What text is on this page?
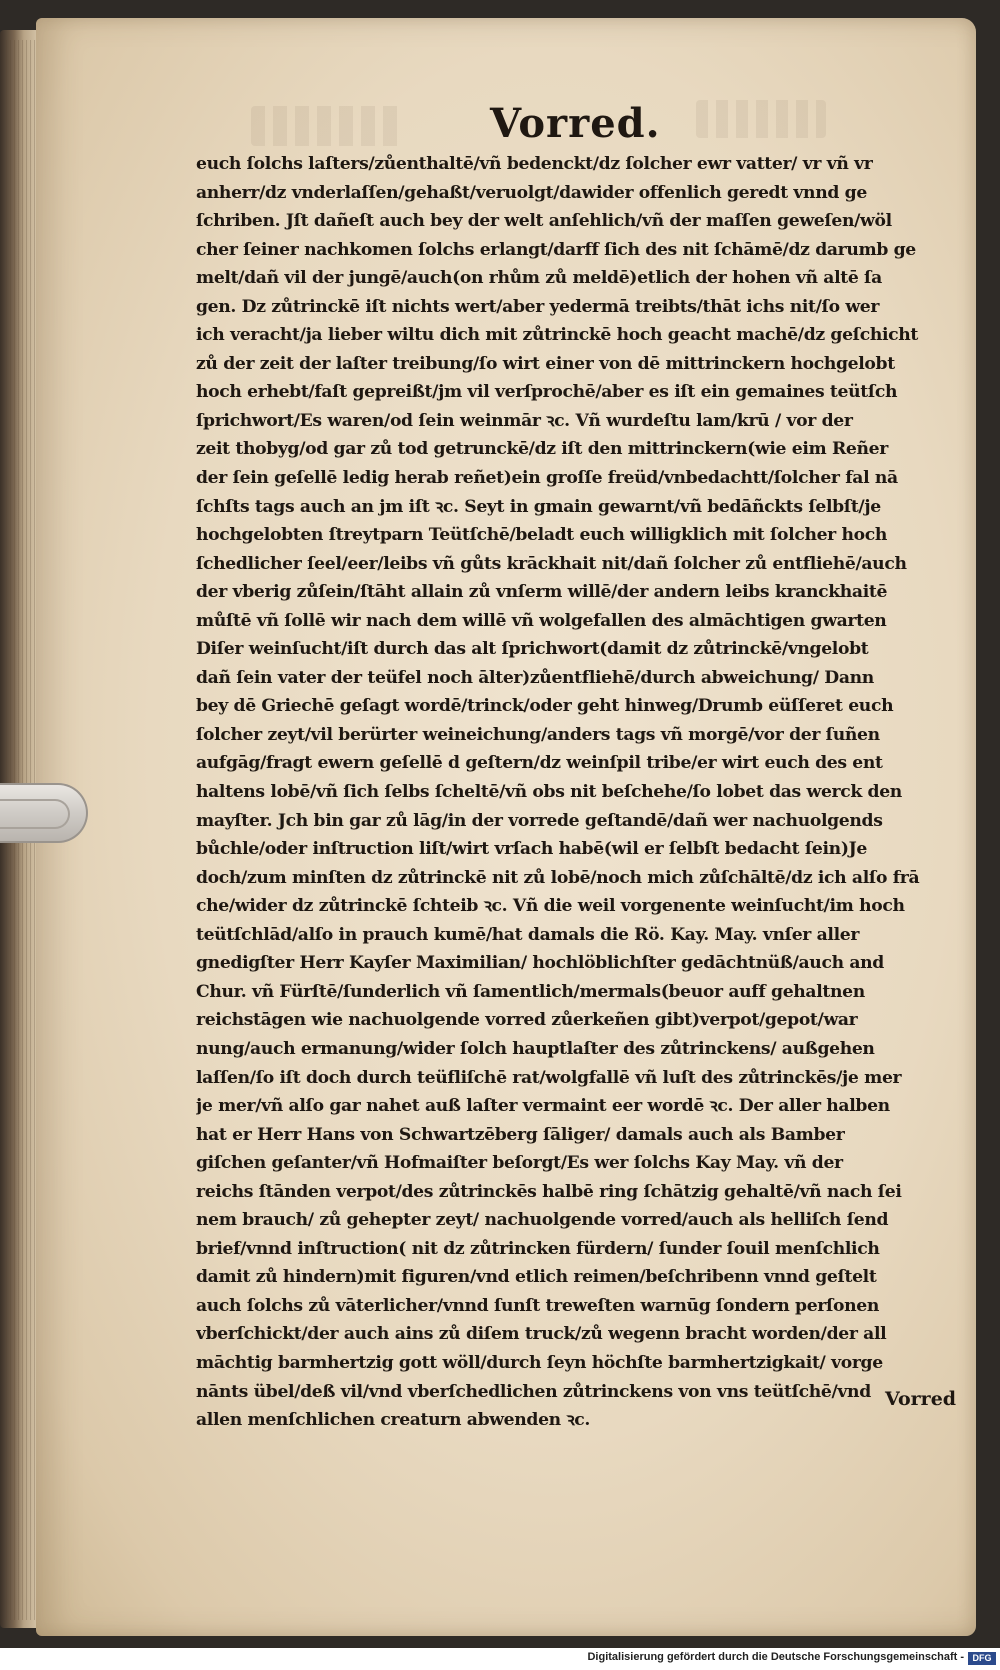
Vorred.
euch ſolchs laſters/zůenthaltē/vñ bedenckt/dz ſolcher ewr vatter/ vr vñ vr
anherr/dz vnderlaſſen/gehaßt/veruolgt/dawider offenlich geredt vnnd ge
ſchriben. Jſt dañeſt auch bey der welt anſehlich/vñ der maſſen geweſen/wöl
cher ſeiner nachkomen ſolchs erlangt/darff ſich des nit ſchāmē/dz darumb ge
melt/dañ vil der jungē/auch(on rhům zů meldē)etlich der hohen vñ altē ſa
gen. Dz zůtrinckē iſt nichts wert/aber yedermā treibts/thāt ichs nit/ſo wer
ich veracht/ja lieber wiltu dich mit zůtrinckē hoch geacht machē/dz geſchicht
zů der zeit der laſter treibung/ſo wirt einer von dē mittrinckern hochgelobt
hoch erhebt/faſt gepreißt/jm vil verſprochē/aber es iſt ein gemaines teütſch
ſprichwort/Es waren/od ſein weinmār ꝛc. Vñ wurdeſtu lam/krū / vor der
zeit thobyg/od gar zů tod getrunckē/dz iſt den mittrinckern(wie eim Reñer
der ſein geſellē ledig herab reñet)ein groſſe freüd/vnbedachtt/ſolcher fal nā
ſchſts tags auch an jm iſt ꝛc. Seyt in gmain gewarnt/vñ bedāñckts ſelbſt/je
hochgelobten ſtreytparn Teütſchē/beladt euch willigklich mit ſolcher hoch
ſchedlicher ſeel/eer/leibs vñ gůts krāckhait nit/dañ ſolcher zů entfliehē/auch
der vberig zůſein/ſtāht allain zů vnſerm willē/der andern leibs kranckhaitē
můſtē vñ ſollē wir nach dem willē vñ wolgefallen des almāchtigen gwarten
Diſer weinſucht/iſt durch das alt ſprichwort(damit dz zůtrinckē/vngelobt
dañ ſein vater der teüfel noch ālter)zůentfliehē/durch abweichung/ Dann
bey dē Griechē geſagt wordē/trinck/oder geht hinweg/Drumb eüſſeret euch
ſolcher zeyt/vil berürter weineichung/anders tags vñ morgē/vor der ſuñen
aufgāg/fragt ewern geſellē d geſtern/dz weinſpil tribe/er wirt euch des ent
haltens lobē/vñ ſich ſelbs ſcheltē/vñ obs nit beſchehe/ſo lobet das werck den
mayſter. Jch bin gar zů lāg/in der vorrede geſtandē/dañ wer nachuolgends
bůchle/oder inſtruction liſt/wirt vrſach habē(wil er ſelbſt bedacht ſein)Je
doch/zum minſten dz zůtrinckē nit zů lobē/noch mich zůſchāltē/dz ich alſo frā
che/wider dz zůtrinckē ſchteib ꝛc. Vñ die weil vorgenente weinſucht/im hoch
teütſchlād/alſo in prauch kumē/hat damals die Rö. Kay. May. vnſer aller
gnedigſter Herr Kayſer Maximilian/ hochlöblichſter gedāchtnüß/auch and
Chur. vñ Fürſtē/ſunderlich vñ ſamentlich/mermals(beuor auff gehaltnen
reichstāgen wie nachuolgende vorred zůerkeñen gibt)verpot/gepot/war
nung/auch ermanung/wider ſolch hauptlaſter des zůtrinckens/ außgehen
laſſen/ſo iſt doch durch teüfliſchē rat/wolgfallē vñ luſt des zůtrinckēs/je mer
je mer/vñ alſo gar nahet auß laſter vermaint eer wordē ꝛc. Der aller halben
hat er Herr Hans von Schwartzēberg ſāliger/ damals auch als Bamber
giſchen geſanter/vñ Hofmaiſter beſorgt/Es wer ſolchs Kay May. vñ der
reichs ſtānden verpot/des zůtrinckēs halbē ring ſchātzig gehaltē/vñ nach ſei
nem brauch/ zů gehepter zeyt/ nachuolgende vorred/auch als helliſch ſend
brief/vnnd inſtruction( nit dz zůtrincken fürdern/ ſunder ſouil menſchlich
damit zů hindern)mit figuren/vnd etlich reimen/beſchribenn vnnd geſtelt
auch ſolchs zů vāterlicher/vnnd ſunſt treweſten warnūg ſondern perſonen
vberſchickt/der auch ains zů diſem truck/zů wegenn bracht worden/der all
māchtig barmhertzig gott wöll/durch ſeyn höchſte barmhertzigkait/ vorge
nānts übel/deß vil/vnd vberſchedlichen zůtrinckens von vns teütſchē/vnd
allen menſchlichen creaturn abwenden ꝛc.
Vorred
Digitalisierung gefördert durch die Deutsche Forschungsgemeinschaft - DFG
